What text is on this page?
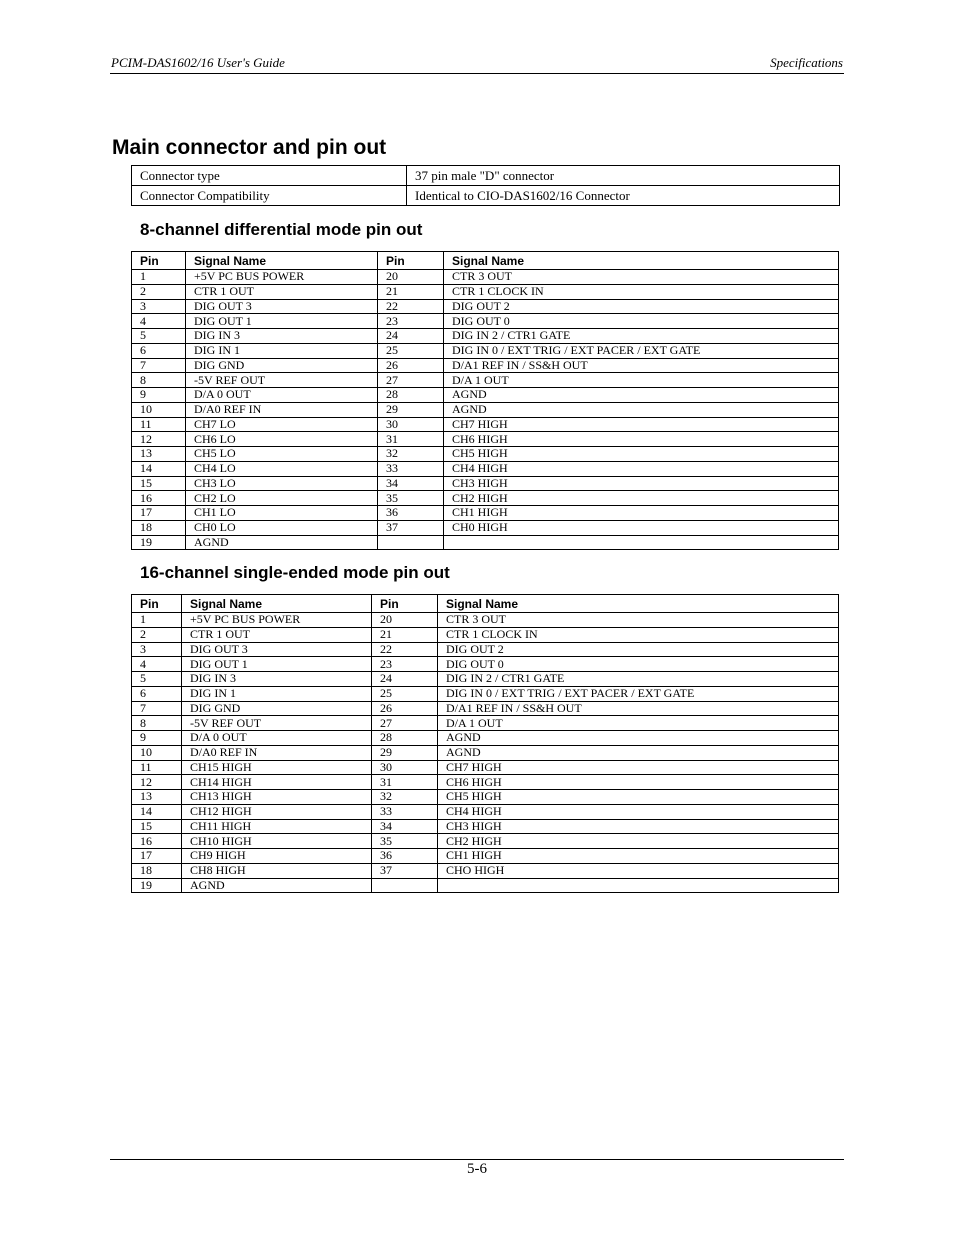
PCIM-DAS1602/16 User's Guide	Specifications
Main connector and pin out
Connector type	37 pin male "D" connector
Connector Compatibility	Identical to CIO-DAS1602/16 Connector
8-channel differential mode pin out
Pin	Signal Name	Pin	Signal Name
1	+5V PC BUS POWER	20	CTR 3 OUT
2	CTR 1 OUT	21	CTR 1 CLOCK IN
3	DIG OUT 3	22	DIG OUT 2
4	DIG OUT 1	23	DIG OUT 0
5	DIG IN 3	24	DIG IN 2 / CTR1 GATE
6	DIG IN 1	25	DIG IN 0 / EXT TRIG / EXT PACER / EXT GATE
7	DIG GND	26	D/A1 REF IN / SS&H OUT
8	-5V REF OUT	27	D/A 1 OUT
9	D/A 0 OUT	28	AGND
10	D/A0 REF IN	29	AGND
11	CH7 LO	30	CH7 HIGH
12	CH6 LO	31	CH6 HIGH
13	CH5 LO	32	CH5 HIGH
14	CH4 LO	33	CH4 HIGH
15	CH3 LO	34	CH3 HIGH
16	CH2 LO	35	CH2 HIGH
17	CH1 LO	36	CH1 HIGH
18	CH0 LO	37	CH0 HIGH
19	AGND		
16-channel single-ended mode pin out
Pin	Signal Name	Pin	Signal Name
1	+5V PC BUS POWER	20	CTR 3 OUT
2	CTR 1 OUT	21	CTR 1 CLOCK IN
3	DIG OUT 3	22	DIG OUT 2
4	DIG OUT 1	23	DIG OUT 0
5	DIG IN 3	24	DIG IN 2 / CTR1 GATE
6	DIG IN 1	25	DIG IN 0 / EXT TRIG / EXT PACER / EXT GATE
7	DIG GND	26	D/A1 REF IN / SS&H OUT
8	-5V REF OUT	27	D/A 1 OUT
9	D/A 0 OUT	28	AGND
10	D/A0 REF IN	29	AGND
11	CH15 HIGH	30	CH7 HIGH
12	CH14 HIGH	31	CH6 HIGH
13	CH13 HIGH	32	CH5 HIGH
14	CH12 HIGH	33	CH4 HIGH
15	CH11 HIGH	34	CH3 HIGH
16	CH10 HIGH	35	CH2 HIGH
17	CH9 HIGH	36	CH1 HIGH
18	CH8 HIGH	37	CHO HIGH
19	AGND		
5-6
